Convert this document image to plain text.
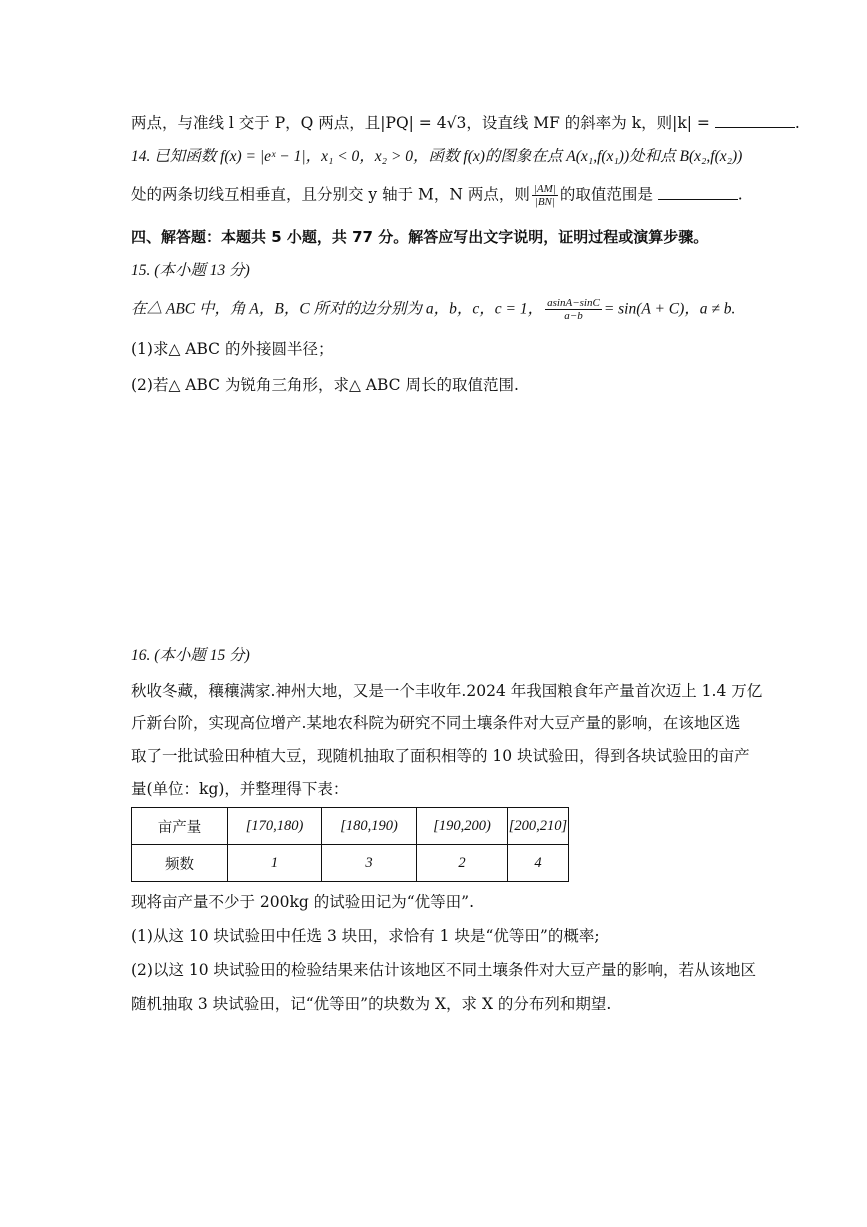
两点，与准线 l 交于 P，Q 两点，且|PQ| = 4√3，设直线 MF 的斜率为 k，则|k| =	.
14. 已知函数 f(x) = |eˣ − 1|，x₁ < 0，x₂ > 0，函数 f(x)的图象在点 A(x₁,f(x₁))处和点 B(x₂,f(x₂))
处的两条切线互相垂直，且分别交 y 轴于 M，N 两点，则 $\frac{|AM|}{|BN|}$ 的取值范围是	.
四、解答题：本题共 5 小题，共 77 分。解答应写出文字说明，证明过程或演算步骤。
15. (本小题 13 分)
在△ ABC 中，角 A，B，C 所对的边分别为 a，b，c，c = 1， $\frac{asinA-\sin C}{a-b} = \sin(A + C)$，a ≠ b.
(1)求△ ABC 的外接圆半径；
(2)若△ ABC 为锐角三角形，求△ ABC 周长的取值范围.
16. (本小题 15 分)
秋收冬藏，穰穰满家.神州大地，又是一个丰收年.2024 年我国粮食年产量首次迈上 1.4 万亿
斤新台阶，实现高位增产.某地农科院为研究不同土壤条件对大豆产量的影响，在该地区选
取了一批试验田种植大豆，现随机抽取了面积相等的 10 块试验田，得到各块试验田的亩产
量(单位：kg)，并整理得下表：
亩产量	[170,180)	[180,190)	[190,200)	[200,210]
频数	1	3	2	4
现将亩产量不少于 200kg 的试验田记为“优等田”.
(1)从这 10 块试验田中任选 3 块田，求恰有 1 块是“优等田”的概率;
(2)以这 10 块试验田的检验结果来估计该地区不同土壤条件对大豆产量的影响，若从该地区
随机抽取 3 块试验田，记“优等田”的块数为 X，求 X 的分布列和期望.
